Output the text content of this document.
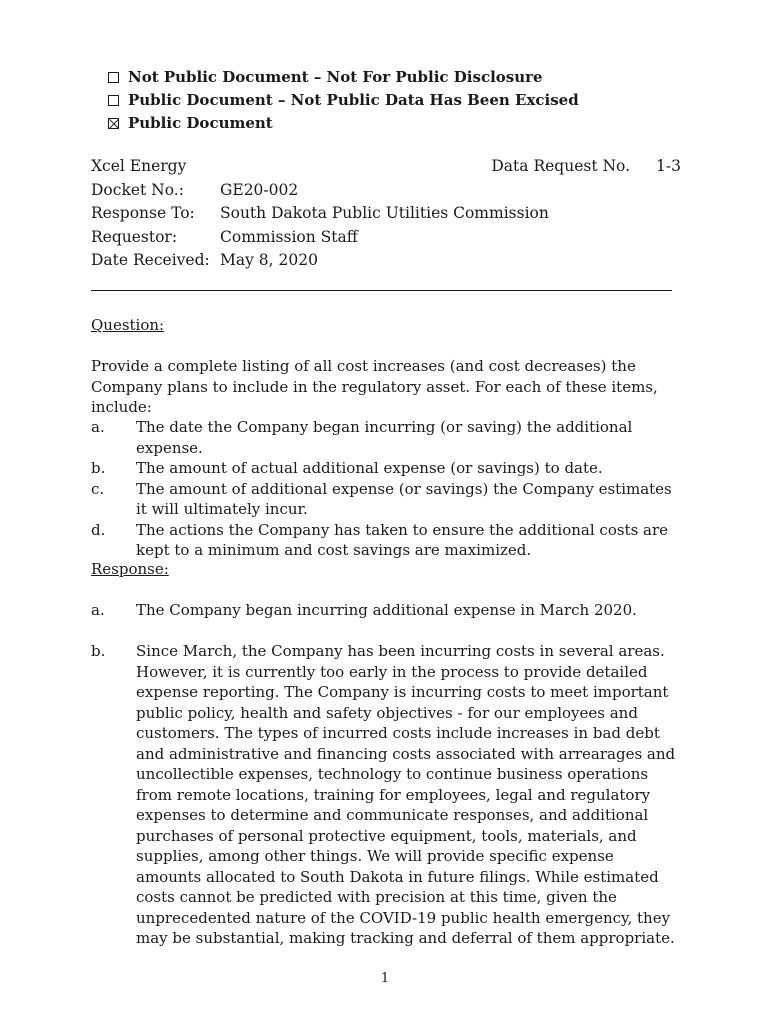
Not Public Document – Not For Public Disclosure
Public Document – Not Public Data Has Been Excised
Public Document
Xcel Energy	Data Request No. 1-3
Docket No.:	GE20-002
Response To:	South Dakota Public Utilities Commission
Requestor:	Commission Staff
Date Received: May 8, 2020
Question:
Provide a complete listing of all cost increases (and cost decreases) the Company plans to include in the regulatory asset. For each of these items, include:
a.	The date the Company began incurring (or saving) the additional expense.
b.	The amount of actual additional expense (or savings) to date.
c.	The amount of additional expense (or savings) the Company estimates it will ultimately incur.
d.	The actions the Company has taken to ensure the additional costs are kept to a minimum and cost savings are maximized.
Response:
a.	The Company began incurring additional expense in March 2020.
b.	Since March, the Company has been incurring costs in several areas. However, it is currently too early in the process to provide detailed expense reporting. The Company is incurring costs to meet important public policy, health and safety objectives - for our employees and customers. The types of incurred costs include increases in bad debt and administrative and financing costs associated with arrearages and uncollectible expenses, technology to continue business operations from remote locations, training for employees, legal and regulatory expenses to determine and communicate responses, and additional purchases of personal protective equipment, tools, materials, and supplies, among other things. We will provide specific expense amounts allocated to South Dakota in future filings. While estimated costs cannot be predicted with precision at this time, given the unprecedented nature of the COVID-19 public health emergency, they may be substantial, making tracking and deferral of them appropriate.
1
